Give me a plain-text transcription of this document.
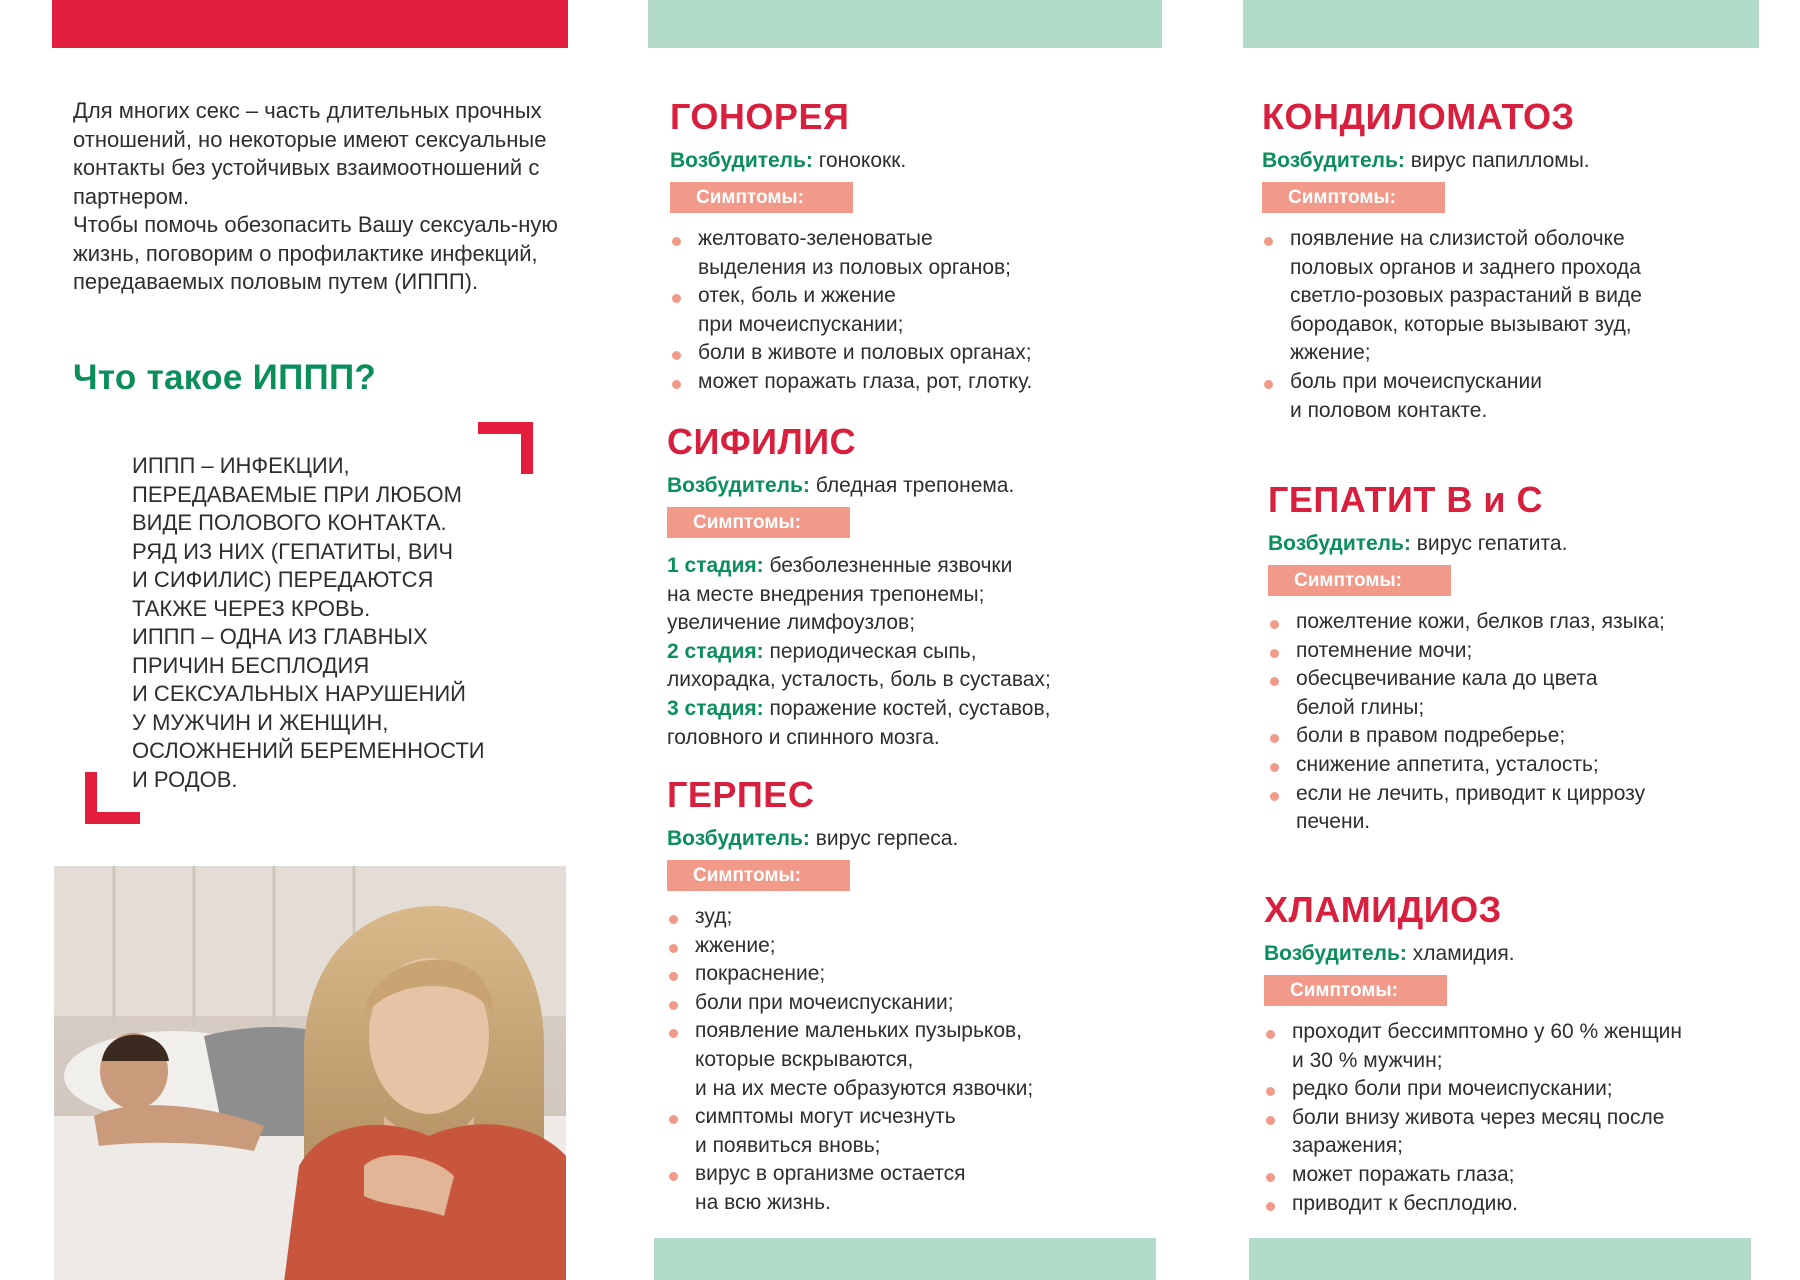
Для многих секс – часть длительных прочных отношений, но некоторые имеют сексуальные контакты без устойчивых взаимоотношений с партнером.

Чтобы помочь обезопасить Вашу сексуаль-ную жизнь, поговорим о профилактике инфекций, передаваемых половым путем (ИППП).

Что такое ИППП?
ИППП – ИНФЕКЦИИ,
ПЕРЕДАВАЕМЫЕ ПРИ ЛЮБОМ
ВИДЕ ПОЛОВОГО КОНТАКТА.
РЯД ИЗ НИХ (ГЕПАТИТЫ, ВИЧ
И СИФИЛИС) ПЕРЕДАЮТСЯ
ТАКЖЕ ЧЕРЕЗ КРОВЬ.
ИППП – ОДНА ИЗ ГЛАВНЫХ
ПРИЧИН БЕСПЛОДИЯ
И СЕКСУАЛЬНЫХ НАРУШЕНИЙ
У МУЖЧИН И ЖЕНЩИН,
ОСЛОЖНЕНИЙ БЕРЕМЕННОСТИ
И РОДОВ.
ГОНОРЕЯ
Возбудитель: гонококк.
Симптомы:
желтовато-зеленоватые
выделения из половых органов;
отек, боль и жжение
при мочеиспускании;
боли в животе и половых органах;
может поражать глаза, рот, глотку.
СИФИЛИС
Возбудитель: бледная трепонема.
Симптомы:
1 стадия: безболезненные язвочки
на месте внедрения трепонемы;
увеличение лимфоузлов;
2 стадия: периодическая сыпь,
лихорадка, усталость, боль в суставах;
3 стадия: поражение костей, суставов,
головного и спинного мозга.
ГЕРПЕС
Возбудитель: вирус герпеса.
Симптомы:
зуд;
жжение;
покраснение;
боли при мочеиспускании;
появление маленьких пузырьков,
которые вскрываются,
и на их месте образуются язвочки;
симптомы могут исчезнуть
и появиться вновь;
вирус в организме остается
на всю жизнь.
КОНДИЛОМАТОЗ
Возбудитель: вирус папилломы.
Симптомы:
появление на слизистой оболочке
половых органов и заднего прохода
светло-розовых разрастаний в виде
бородавок, которые вызывают зуд,
жжение;
боль при мочеиспускании
и половом контакте.
ГЕПАТИТ В и С
Возбудитель: вирус гепатита.
Симптомы:
пожелтение кожи, белков глаз, языка;
потемнение мочи;
обесцвечивание кала до цвета
белой глины;
боли в правом подреберье;
снижение аппетита, усталость;
если не лечить, приводит к циррозу
печени.
ХЛАМИДИОЗ
Возбудитель: хламидия.
Симптомы:
проходит бессимптомно у 60 % женщин
и 30 % мужчин;
редко боли при мочеиспускании;
боли внизу живота через месяц после
заражения;
может поражать глаза;
приводит к бесплодию.
